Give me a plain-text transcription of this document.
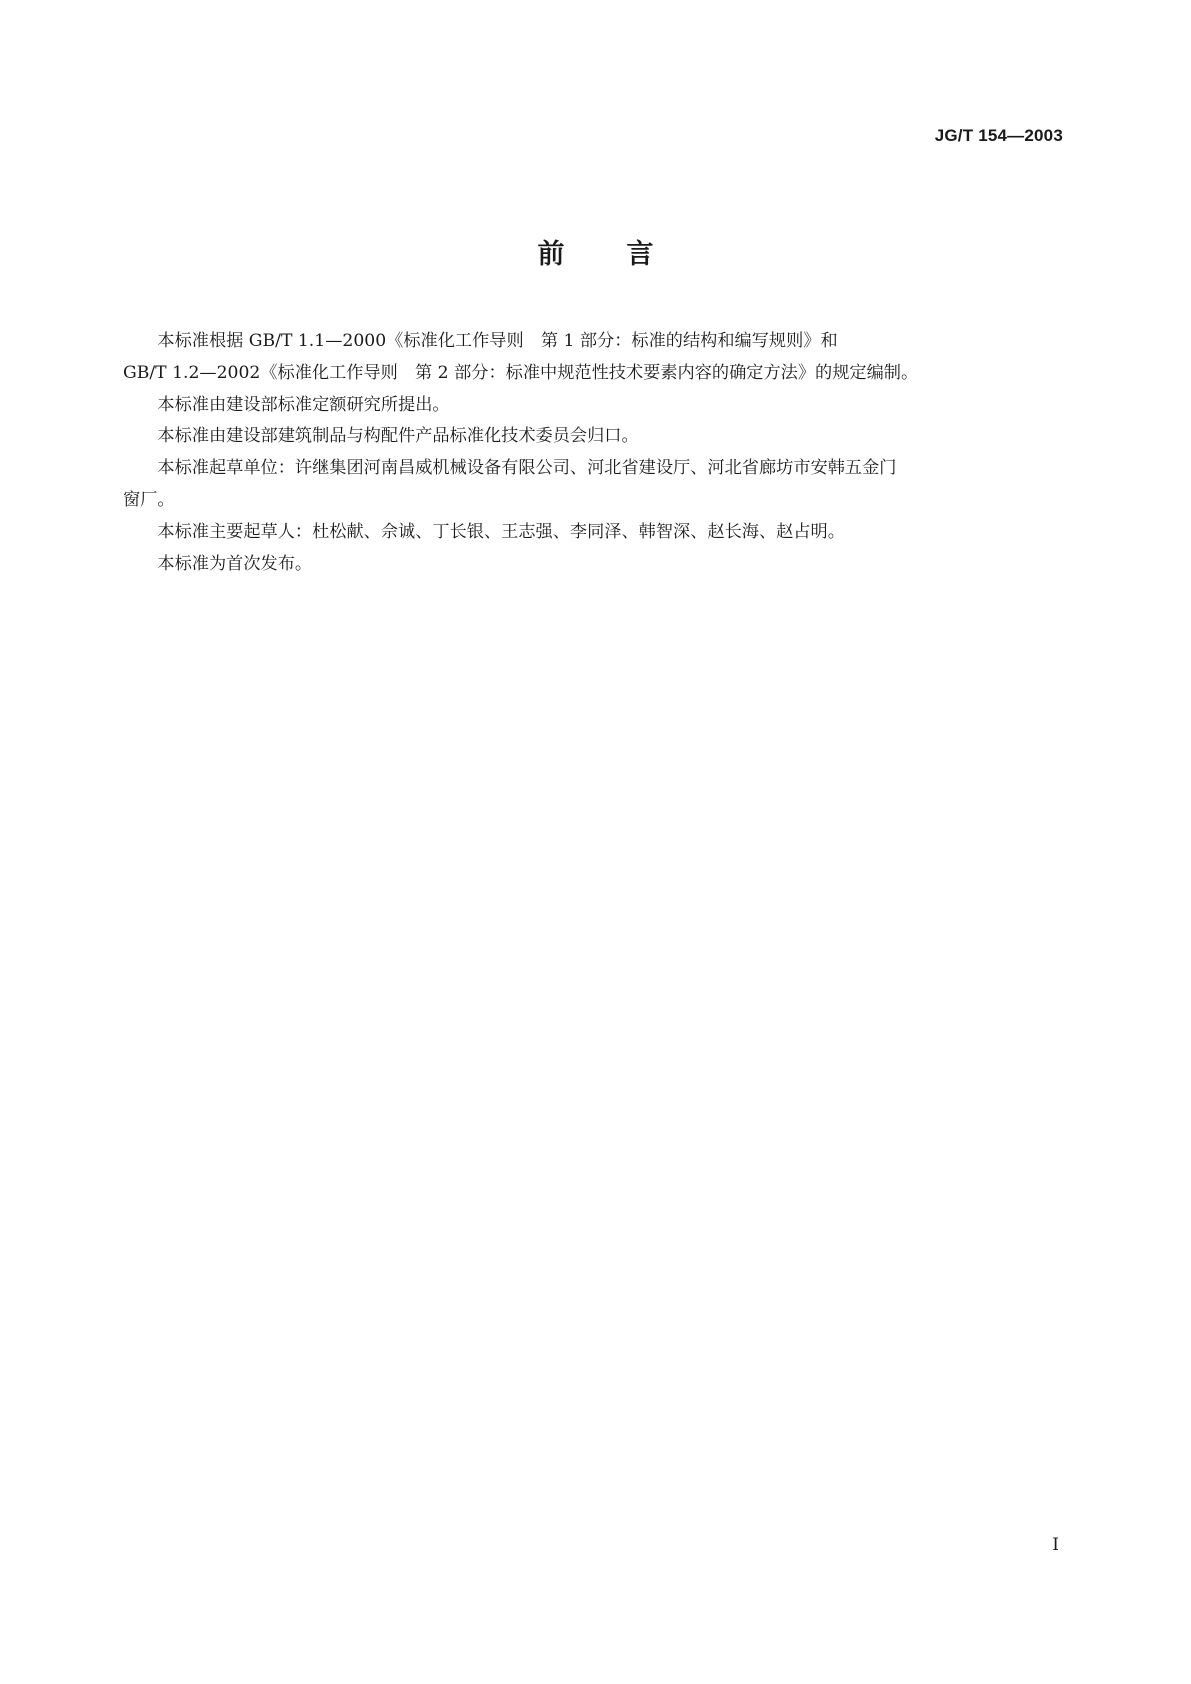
JG/T 154—2003
前言

本标准根据 GB/T 1.1—2000《标准化工作导则　第 1 部分：标准的结构和编写规则》和
GB/T 1.2—2002《标准化工作导则　第 2 部分：标准中规范性技术要素内容的确定方法》的规定编制。

本标准由建设部标准定额研究所提出。

本标准由建设部建筑制品与构配件产品标准化技术委员会归口。

本标准起草单位：许继集团河南昌威机械设备有限公司、河北省建设厅、河北省廊坊市安韩五金门
窗厂。

本标准主要起草人：杜松献、佘诚、丁长银、王志强、李同泽、韩智深、赵长海、赵占明。

本标准为首次发布。

I
